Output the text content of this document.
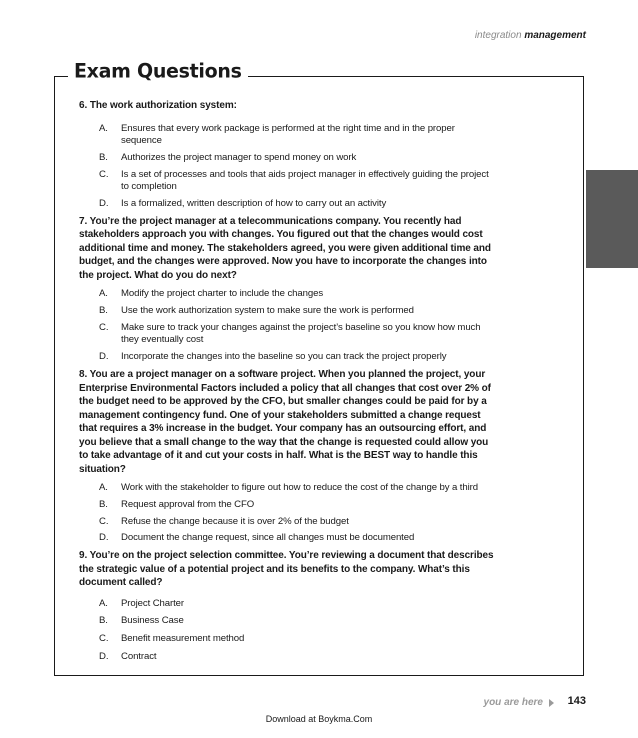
integration management
Exam Questions

6. The work authorization system:

A.	Ensures that every work package is performed at the right time and in the proper sequence
B.	Authorizes the project manager to spend money on work
C.	Is a set of processes and tools that aids project manager in effectively guiding the project to completion
D.	Is a formalized, written description of how to carry out an activity

7. You’re the project manager at a telecommunications company. You recently had stakeholders approach you with changes. You figured out that the changes would cost additional time and money. The stakeholders agreed, you were given additional time and budget, and the changes were approved. Now you have to incorporate the changes into the project. What do you do next?

A.	Modify the project charter to include the changes
B.	Use the work authorization system to make sure the work is performed
C.	Make sure to track your changes against the project’s baseline so you know how much they eventually cost
D.	Incorporate the changes into the baseline so you can track the project properly

8. You are a project manager on a software project. When you planned the project, your Enterprise Environmental Factors included a policy that all changes that cost over 2% of the budget need to be approved by the CFO, but smaller changes could be paid for by a management contingency fund. One of your stakeholders submitted a change request that requires a 3% increase in the budget. Your company has an outsourcing effort, and you believe that a small change to the way that the change is requested could allow you to take advantage of it and cut your costs in half. What is the BEST way to handle this situation?

A.	Work with the stakeholder to figure out how to reduce the cost of the change by a third
B.	Request approval from the CFO
C.	Refuse the change because it is over 2% of the budget
D.	Document the change request, since all changes must be documented

9. You’re on the project selection committee. You’re reviewing a document that describes the strategic value of a potential project and its benefits to the company. What’s this document called?

A.	Project Charter
B.	Business Case
C.	Benefit measurement method
D.	Contract
you are here 143
Download at Boykma.Com
